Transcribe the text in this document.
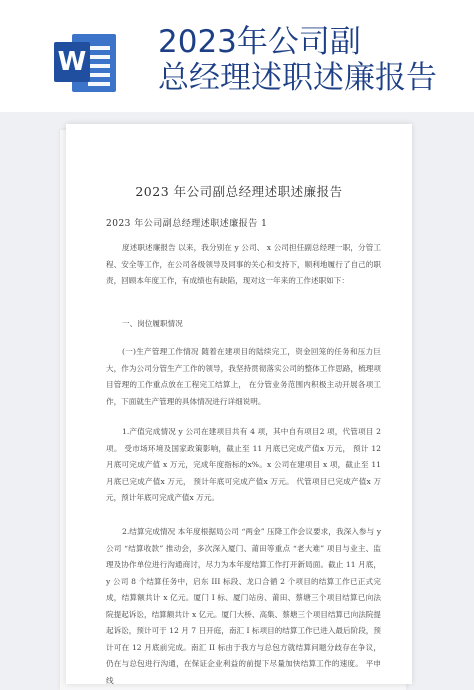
W
2023年公司副
总经理述职述廉报告
2023 年公司副总经理述职述廉报告
2023 年公司副总经理述职述廉报告 1
度述职述廉报告 以来，我分别在 y 公司、 x 公司担任副总经理一职，分管工程、安全等工作，在公司各级领导及同事的关心和支持下，顺利地履行了自己的职责，回顾本年度工作，有成绩也有缺陷，现对这一年来的工作述职如下：
一、岗位履职情况
(一)生产管理工作情况 随着在建项目的陆续完工，资金回笼的任务和压力巨大，作为公司分管生产工作的领导，我坚持贯彻落实公司的整体工作思路，梳理项目管理的工作重点放在工程完工结算上， 在分管业务范围内积极主动开展各项工作，下面就生产管理的具体情况进行详细说明。
1.产值完成情况 y 公司在建项目共有 4 项，其中自有项目2 项，代管项目 2 项。 受市场环境及国家政策影响，截止至 11 月底已完成产值x 万元， 预计 12 月底可完成产值 x 万元，完成年度指标的x%。x 公司在建项目 x 项，截止至 11 月底已完成产值x 万元， 预计年底可完成产值x 万元。 代管项目已完成产值x 万元，预计年底可完成产值x 万元。
2.结算完成情况 本年度根据局公司 “两金” 压降工作会议要求，我深入参与 y 公司 “结算收款” 推动会，多次深入厦门、莆田等重点 “老大难” 项目与业主、监理及协作单位进行沟通商讨，尽力为本年度结算工作打开新局面。截止 11 月底，y 公司 8 个结算任务中，启东 III 标段、龙口合循 2 个项目的结算工作已正式完成，结算额共计 x 亿元。厦门 I 标、厦门站房、莆田、蔡塘三个项目结算已向法院提起诉讼，结算额共计 x 亿元。厦门大桥、高集、蔡塘三个项目结算已向法院提起诉讼，预计可于 12 月 7 日开庭，南汇 I 标项目的结算工作已进入最后阶段，预计可在 12 月底前完成。南汇 II 标由于我方与总包方就结算问题分歧存在争议，仍在与总包进行沟通，在保证企业利益的前提下尽量加快结算工作的速度。 平申线
